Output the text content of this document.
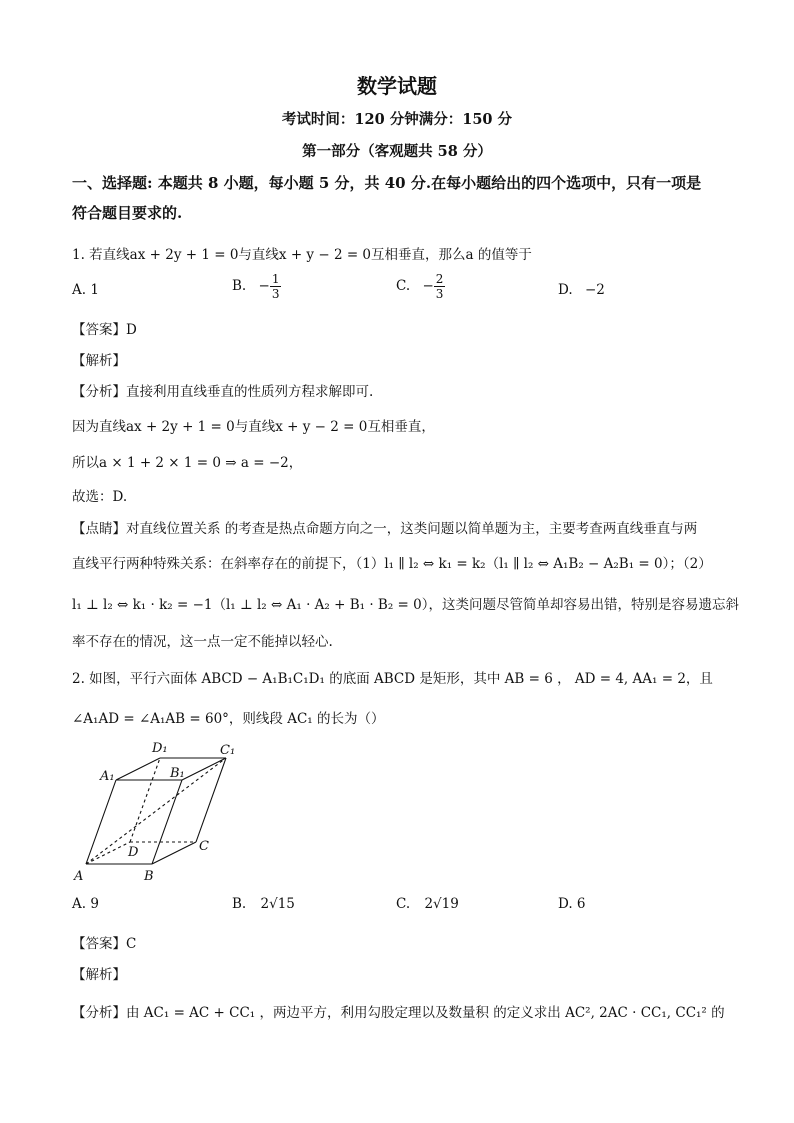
数学试题
考试时间：120 分钟满分：150 分
第一部分（客观题共 58 分）
一、选择题: 本题共 8 小题，每小题 5 分，共 40 分.在每小题给出的四个选项中，只有一项是
符合题目要求的.
1. 若直线ax + 2y + 1 = 0与直线x + y − 2 = 0互相垂直，那么a 的值等于
A. 1	B. − $\frac{1}{3}$	C. − $\frac{2}{3}$	D. −2
【答案】D
【解析】
【分析】直接利用直线垂直的性质列方程求解即可.
因为直线ax + 2y + 1 = 0与直线x + y − 2 = 0互相垂直，
所以a × 1 + 2 × 1 = 0 ⇒ a = −2，
故选：D.
【点睛】对直线位置关系 的考查是热点命题方向之一，这类问题以简单题为主，主要考查两直线垂直与两
直线平行两种特殊关系：在斜率存在的前提下，（1）l₁ ∥ l₂ ⇔ k₁ = k₂（l₁ ∥ l₂ ⇔ A₁B₂ − A₂B₁ = 0）；（2）
l₁ ⊥ l₂ ⇔ k₁ · k₂ = −1（l₁ ⊥ l₂ ⇔ A₁ · A₂ + B₁ · B₂ = 0），这类问题尽管简单却容易出错，特别是容易遗忘斜
率不存在的情况，这一点一定不能掉以轻心.
2. 如图，平行六面体 ABCD − A₁B₁C₁D₁ 的底面 ABCD 是矩形，其中 AB = 6 ， AD = 4, AA₁ = 2，且
∠A₁AD = ∠A₁AB = 60°，则线段 AC₁ 的长为（）
A	B
C
D
A₁	B₁
C₁
D₁
A. 9	B. 2√15	C. 2√19	D. 6
【答案】C
【解析】
【分析】由 AC₁ = AC + CC₁ ，两边平方，利用勾股定理以及数量积 的定义求出 AC², 2AC · CC₁, CC₁² 的
